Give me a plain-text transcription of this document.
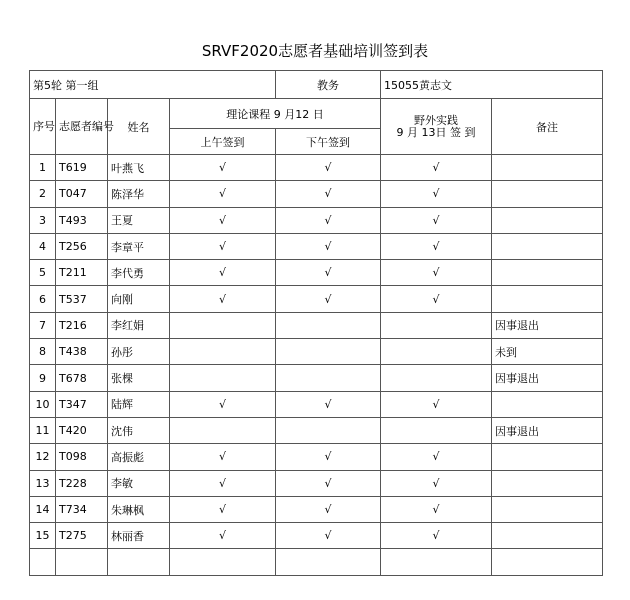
SRVF2020志愿者基础培训签到表
第5轮 第一组				教务	15055黄志文	
序号	志愿者编号	姓名	理论课程 9 月12 日		野外实践
9 月 13日 签 到	备注
			上午签到	下午签到		
1	T619	叶燕飞	√	√	√	
2	T047	陈泽华	√	√	√	
3	T493	王夏	√	√	√	
4	T256	李章平	√	√	√	
5	T211	李代勇	√	√	√	
6	T537	向刚	√	√	√	
7	T216	李红娟				因事退出
8	T438	孙彤				未到
9	T678	张棵				因事退出
10	T347	陆辉	√	√	√	
11	T420	沈伟				因事退出
12	T098	高振彪	√	√	√	
13	T228	李敏	√	√	√	
14	T734	朱琳枫	√	√	√	
15	T275	林丽香	√	√	√	
